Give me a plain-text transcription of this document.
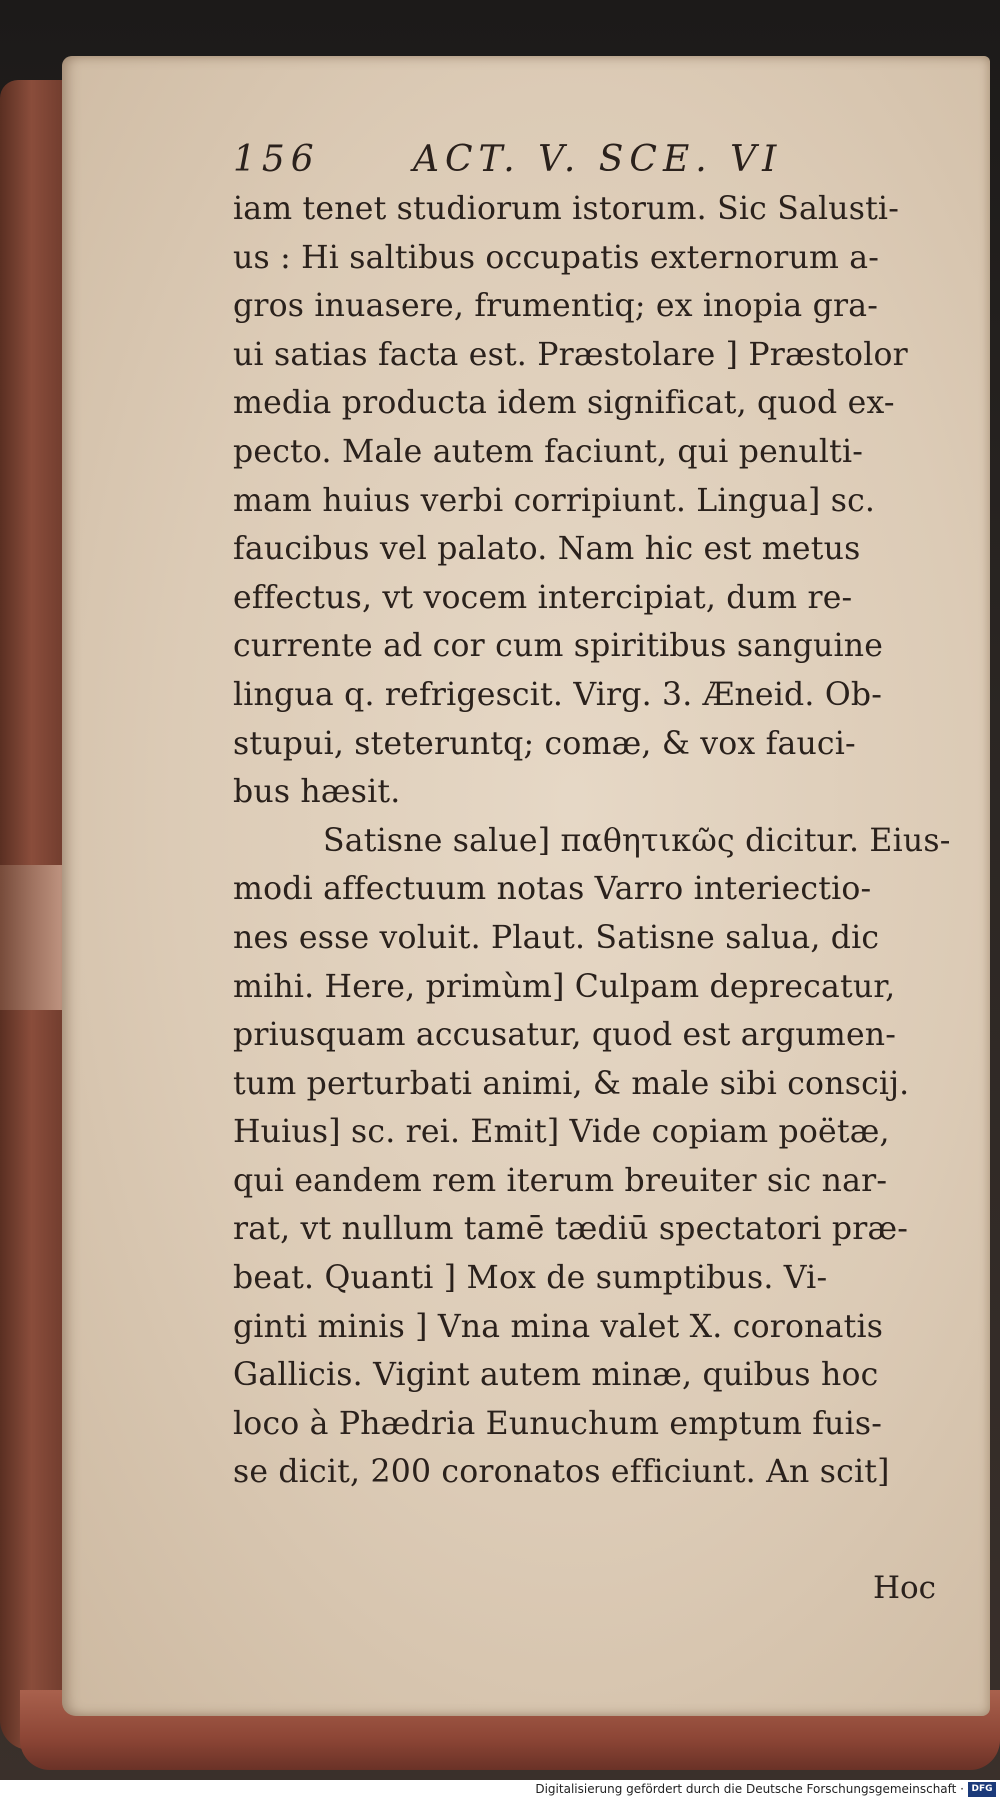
156	ACT. V. SCE. VI
iam tenet studiorum istorum. Sic Salusti-
us : Hi saltibus occupatis externorum a-
gros inuasere, frumentiq; ex inopia gra-
ui satias facta est. Præstolare ] Præstolor
media producta idem significat, quod ex-
pecto. Male autem faciunt, qui penulti-
mam huius verbi corripiunt. Lingua] sc.
faucibus vel palato. Nam hic est metus
effectus, vt vocem intercipiat, dum re-
currente ad cor cum spiritibus sanguine
lingua q. refrigescit. Virg. 3. Æneid. Ob-
stupui, steteruntq; comæ, & vox fauci-
bus hæsit.
Satisne salue] παθητικῶς dicitur. Eius-
modi affectuum notas Varro interiectio-
nes esse voluit. Plaut. Satisne salua, dic
mihi. Here, primùm] Culpam deprecatur,
priusquam accusatur, quod est argumen-
tum perturbati animi, & male sibi conscij.
Huius] sc. rei. Emit] Vide copiam poëtæ,
qui eandem rem iterum breuiter sic nar-
rat, vt nullum tamē tædiū spectatori præ-
beat. Quanti ] Mox de sumptibus. Vi-
ginti minis ] Vna mina valet X. coronatis
Gallicis. Vigint autem minæ, quibus hoc
loco à Phædria Eunuchum emptum fuis-
se dicit, 200 coronatos efficiunt. An scit]
Hoc
Digitalisierung gefördert durch die Deutsche Forschungsgemeinschaft · DFG
